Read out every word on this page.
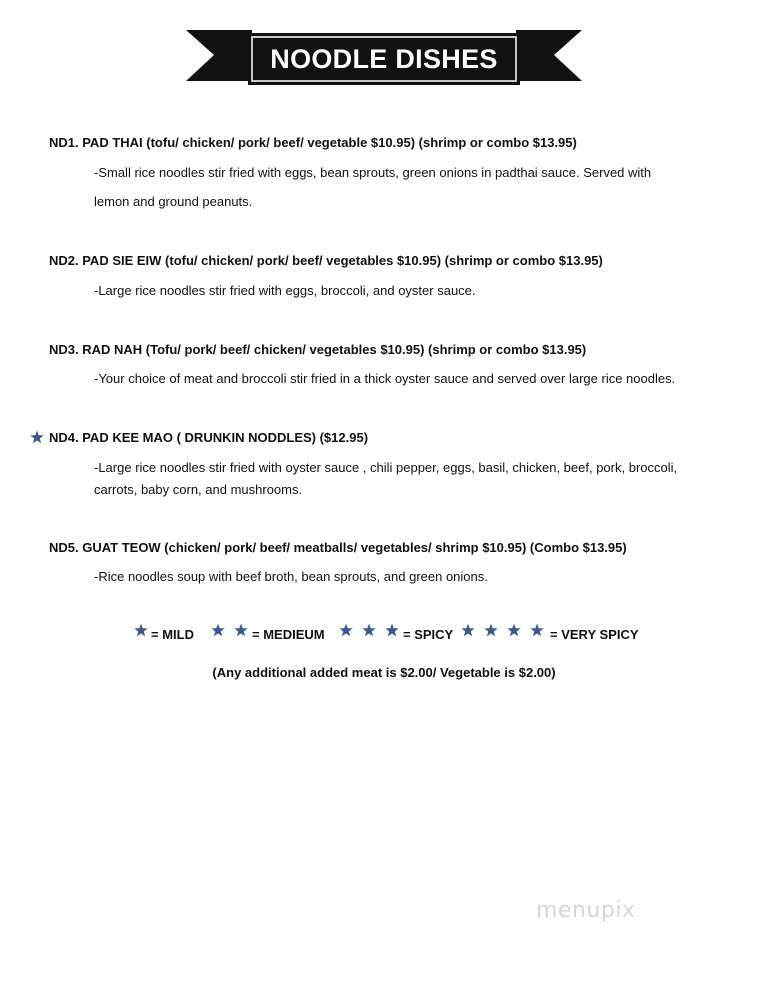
NOODLE DISHES
ND1. PAD THAI (tofu/ chicken/ pork/ beef/ vegetable $10.95) (shrimp or combo $13.95)
-Small rice noodles stir fried with eggs, bean sprouts, green onions in padthai sauce. Served with
lemon and ground peanuts.
ND2. PAD SIE EIW (tofu/ chicken/ pork/ beef/ vegetables $10.95) (shrimp or combo $13.95)
-Large rice noodles stir fried with eggs, broccoli, and oyster sauce.
ND3. RAD NAH (Tofu/ pork/ beef/ chicken/ vegetables $10.95) (shrimp or combo $13.95)
-Your choice of meat and broccoli stir fried in a thick oyster sauce and served over large rice noodles.
ND4. PAD KEE MAO ( DRUNKIN NODDLES) ($12.95)
-Large rice noodles stir fried with oyster sauce , chili pepper, eggs, basil, chicken, beef, pork, broccoli,
carrots, baby corn, and mushrooms.
ND5. GUAT TEOW (chicken/ pork/ beef/ meatballs/ vegetables/ shrimp $10.95) (Combo $13.95)
-Rice noodles soup with beef broth, bean sprouts, and green onions.
= MILD	= MEDIEUM	= SPICY	= VERY SPICY
(Any additional added meat is $2.00/ Vegetable is $2.00)
menupix
